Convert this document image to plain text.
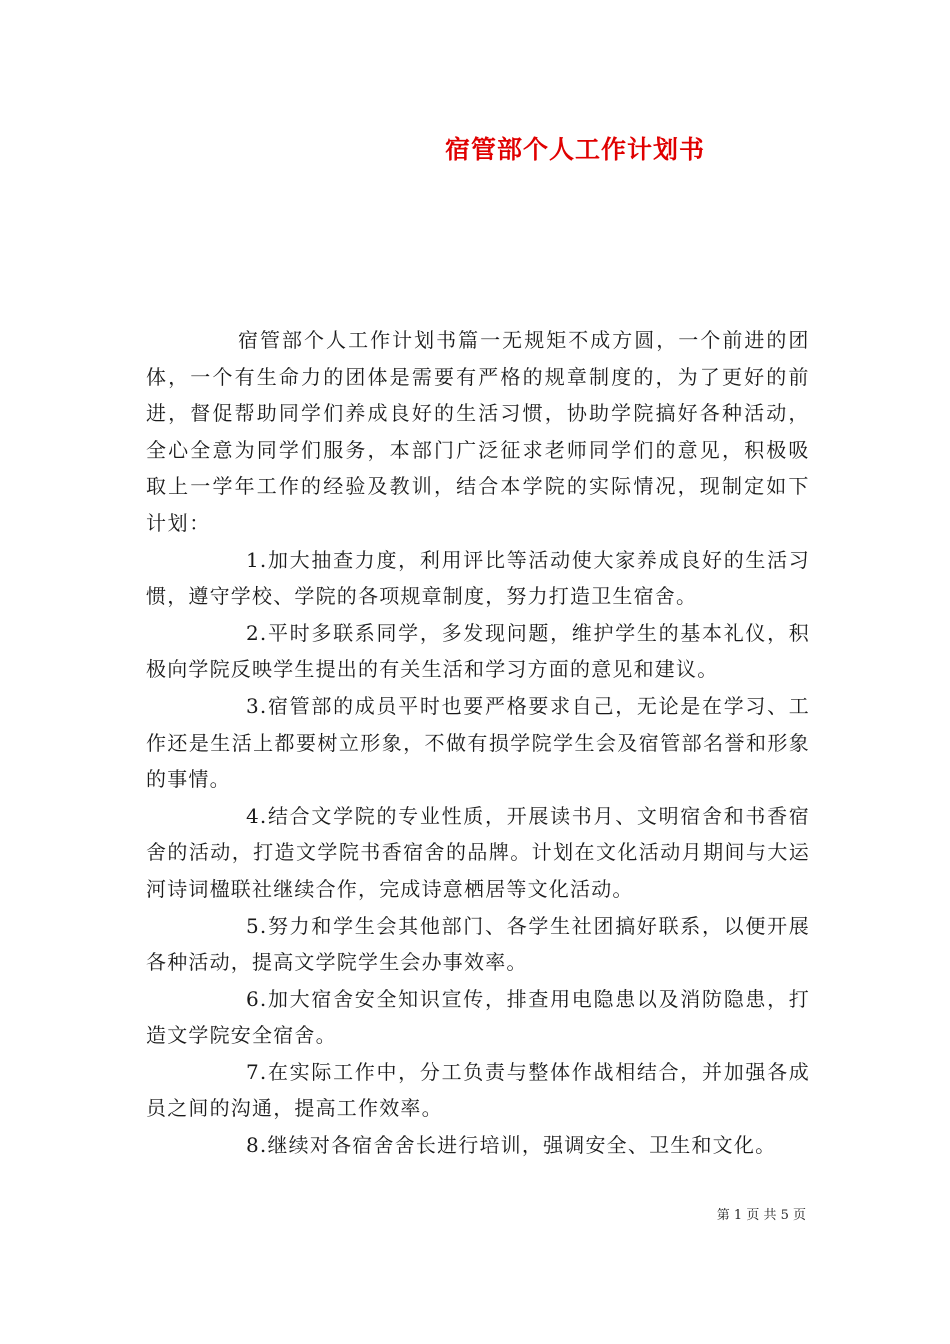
宿管部个人工作计划书

宿管部个人工作计划书篇一无规矩不成方圆，一个前进的团体，一个有生命力的团体是需要有严格的规章制度的，为了更好的前进，督促帮助同学们养成良好的生活习惯，协助学院搞好各种活动，全心全意为同学们服务，本部门广泛征求老师同学们的意见，积极吸取上一学年工作的经验及教训，结合本学院的实际情况，现制定如下计划：

1.加大抽查力度，利用评比等活动使大家养成良好的生活习惯，遵守学校、学院的各项规章制度，努力打造卫生宿舍。

2.平时多联系同学，多发现问题，维护学生的基本礼仪，积极向学院反映学生提出的有关生活和学习方面的意见和建议。

3.宿管部的成员平时也要严格要求自己，无论是在学习、工作还是生活上都要树立形象，不做有损学院学生会及宿管部名誉和形象的事情。

4.结合文学院的专业性质，开展读书月、文明宿舍和书香宿舍的活动，打造文学院书香宿舍的品牌。计划在文化活动月期间与大运河诗词楹联社继续合作，完成诗意栖居等文化活动。

5.努力和学生会其他部门、各学生社团搞好联系，以便开展各种活动，提高文学院学生会办事效率。

6.加大宿舍安全知识宣传，排查用电隐患以及消防隐患，打造文学院安全宿舍。

7.在实际工作中，分工负责与整体作战相结合，并加强各成员之间的沟通，提高工作效率。

8.继续对各宿舍舍长进行培训，强调安全、卫生和文化。

第 1 页 共 5 页
